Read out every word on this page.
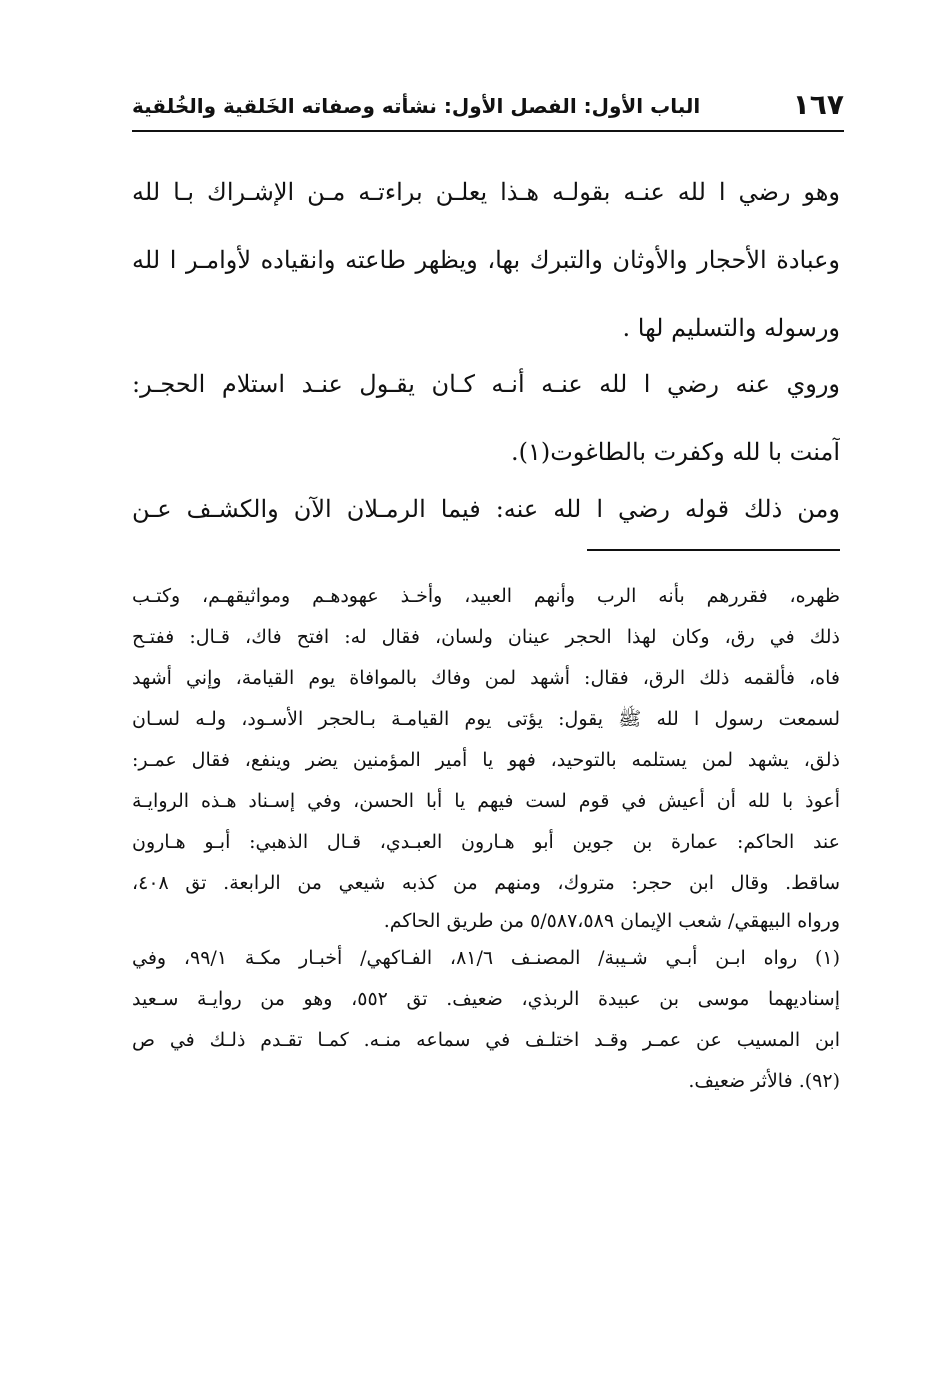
١٦٧
الباب الأول: الفصل الأول: نشأته وصفاته الخَلقية والخُلقية
وهو رضي ا لله عنـه بقولـه هـذا يعلـن براءتـه مـن الإشـراك بـا لله
وعبادة الأحجار والأوثان والتبرك بها، ويظهر طاعته وانقياده لأوامـر ا لله
ورسوله والتسليم لها .
وروي عنه رضي ا لله عنـه أنـه كـان يقـول عنـد استلام الحجـر:
آمنت با لله وكفرت بالطاغوت(١).
ومن ذلك قوله رضي ا لله عنه: فيما الرمـلان الآن والكشـف عـن
ظهره، فقررهم بأنه الرب وأنهم العبيد، وأخـذ عهودهـم ومواثيقهـم، وكتـب
ذلك في رق، وكان لهذا الحجر عينان ولسان، فقال له: افتح فاك، قـال: ففتـح
فاه، فألقمه ذلك الرق، فقال: أشهد لمن وفاك بالموافاة يوم القيامة، وإني أشهد
لسمعت رسول ا لله ﷺ يقول: يؤتى يوم القيامـة بـالحجر الأسـود، ولـه لسـان
ذلق، يشهد لمن يستلمه بالتوحيد، فهو يا أمير المؤمنين يضر وينفع، فقال عمـر:
أعوذ با لله أن أعيش في قوم لست فيهم يا أبا الحسن، وفي إسـناد هـذه الروايـة
عند الحاكم: عمارة بن جوين أبو هـارون العبـدي، قـال الذهبي: أبـو هـارون
ساقط. وقال ابن حجر: متروك، ومنهم من كذبه شيعي من الرابعة. تق ٤٠٨،
ورواه البيهقي/ شعب الإيمان ٥/٥٨٧،٥٨٩ من طريق الحاكم.
(١) رواه ابـن أبـي شـيبة/ المصنـف ٨١/٦، الفـاكهي/ أخبـار مكـة ٩٩/١، وفي
إسناديهما موسى بن عبيدة الربذي، ضعيف. تق ٥٥٢، وهو من روايـة سـعيد
ابن المسيب عن عمـر وقـد اختلـف في سماعه منـه. كمـا تقـدم ذلـك في ص
(٩٢). فالأثر ضعيف.
